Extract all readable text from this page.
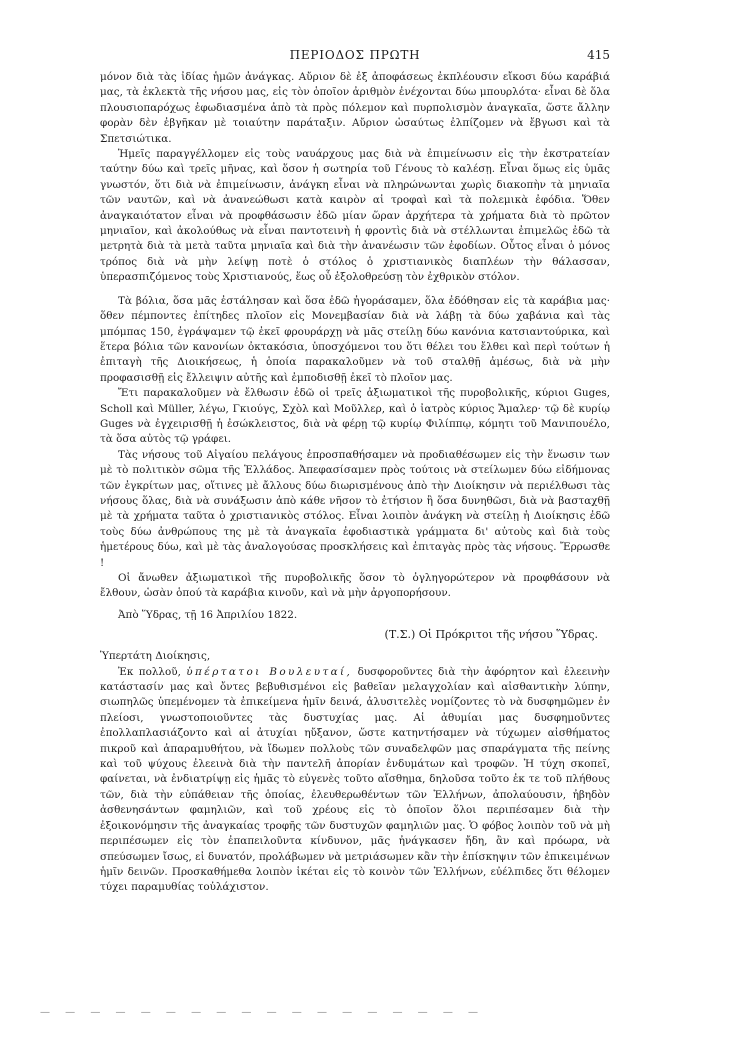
ΠΕΡΙΟΔΟΣ ΠΡΩΤΗ	415

μόνον διὰ τὰς ἰδίας ἡμῶν ἀνάγκας. Αὔριον δὲ ἐξ ἀποφάσεως ἐκπλέουσιν εἴκοσι δύω καράβιά μας, τὰ ἐκλεκτὰ τῆς νήσου μας, εἰς τὸν ὁποῖον ἀριθμὸν ἐνέχονται δύω μπουρλότα· εἶναι δὲ ὅλα πλουσιοπαρόχως ἐφωδιασμένα ἀπὸ τὰ πρὸς πόλεμον καὶ πυρπολισμὸν ἀναγκαῖα, ὥστε ἄλλην φορὰν δὲν ἐβγῆκαν μὲ τοιαύτην παράταξιν. Αὔριον ὡσαύτως ἐλπίζομεν νὰ ἔβγωσι καὶ τὰ Σπετσιώτικα.

Ἡμεῖς παραγγέλλομεν εἰς τοὺς ναυάρχους μας διὰ νὰ ἐπιμείνωσιν εἰς τὴν ἐκστρατείαν ταύτην δύω καὶ τρεῖς μῆνας, καὶ ὅσον ἡ σωτηρία τοῦ Γένους τὸ καλέσῃ. Εἶναι ὅμως εἰς ὑμᾶς γνωστόν, ὅτι διὰ νὰ ἐπιμείνωσιν, ἀνάγκη εἶναι νὰ πληρώνωνται χωρὶς διακοπὴν τὰ μηνιαῖα τῶν ναυτῶν, καὶ νὰ ἀνανεώθωσι κατὰ καιρὸν αἱ τροφαὶ καὶ τὰ πολεμικὰ ἐφόδια. Ὅθεν ἀναγκαιότατον εἶναι νὰ προφθάσωσιν ἐδῶ μίαν ὥραν ἀρχήτερα τὰ χρήματα διὰ τὸ πρῶτον μηνιαῖον, καὶ ἀκολούθως νὰ εἶναι παντοτεινὴ ἡ φροντὶς διὰ νὰ στέλλωνται ἐπιμελῶς ἐδῶ τὰ μετρητὰ διὰ τὰ μετὰ ταῦτα μηνιαῖα καὶ διὰ τὴν ἀνανέωσιν τῶν ἐφοδίων. Οὗτος εἶναι ὁ μόνος τρόπος διὰ νὰ μὴν λείψῃ ποτὲ ὁ στόλος ὁ χριστιανικὸς διαπλέων τὴν θάλασσαν, ὑπερασπιζόμενος τοὺς Χριστιανούς, ἕως οὗ ἐξολοθρεύσῃ τὸν ἐχθρικὸν στόλον.

Τὰ βόλια, ὅσα μᾶς ἐστάλησαν καὶ ὅσα ἐδῶ ἠγοράσαμεν, ὅλα ἐδόθησαν εἰς τὰ καράβια μας· ὅθεν πέμποντες ἐπίτηδες πλοῖον εἰς Μονεμβασίαν διὰ νὰ λάβῃ τὰ δύω χαβάνια καὶ τὰς μπόμπας 150, ἐγράψαμεν τῷ ἐκεῖ φρουράρχῃ νὰ μᾶς στείλῃ δύω κανόνια κατσιαντούρικα, καὶ ἕτερα βόλια τῶν κανονίων ὀκτακόσια, ὑποσχόμενοι του ὅτι θέλει του ἔλθει καὶ περὶ τούτων ἡ ἐπιταγὴ τῆς Διοικήσεως, ἡ ὁποία παρακαλοῦμεν νὰ τοῦ σταλθῇ ἀμέσως, διὰ νὰ μὴν προφασισθῇ εἰς ἔλλειψιν αὐτῆς καὶ ἐμποδισθῇ ἐκεῖ τὸ πλοῖον μας.

Ἔτι παρακαλοῦμεν νὰ ἔλθωσιν ἐδῶ οἱ τρεῖς ἀξιωματικοὶ τῆς πυροβολικῆς, κύριοι Guges, Scholl καὶ Müller, λέγω, Γκιούγς, Σχὸλ καὶ Μοῦλλερ, καὶ ὁ ἰατρὸς κύριος Ἄμαλερ· τῷ δὲ κυρίῳ Guges νὰ ἐγχειρισθῇ ἡ ἐσώκλειστος, διὰ νὰ φέρῃ τῷ κυρίῳ Φιλίππῳ, κόμητι τοῦ Μανιπουέλο, τὰ ὅσα αὐτὸς τῷ γράφει.

Τὰς νήσους τοῦ Αἰγαίου πελάγους ἐπροσπαθήσαμεν νὰ προδιαθέσωμεν εἰς τὴν ἕνωσιν των μὲ τὸ πολιτικὸν σῶμα τῆς Ἑλλάδος. Ἀπεφασίσαμεν πρὸς τούτοις νὰ στείλωμεν δύω εἰδήμονας τῶν ἐγκρίτων μας, οἵτινες μὲ ἄλλους δύω διωρισμένους ἀπὸ τὴν Διοίκησιν νὰ περιέλθωσι τὰς νήσους ὅλας, διὰ νὰ συνάξωσιν ἀπὸ κάθε νῆσον τὸ ἐτήσιον ἢ ὅσα δυνηθῶσι, διὰ νὰ βασταχθῇ μὲ τὰ χρήματα ταῦτα ὁ χριστιανικὸς στόλος. Εἶναι λοιπὸν ἀνάγκη νὰ στείλῃ ἡ Διοίκησις ἐδῶ τοὺς δύω ἀνθρώπους της μὲ τὰ ἀναγκαῖα ἐφοδιαστικὰ γράμματα δι' αὐτοὺς καὶ διὰ τοὺς ἡμετέρους δύω, καὶ μὲ τὰς ἀναλογούσας προσκλήσεις καὶ ἐπιταγὰς πρὸς τὰς νήσους. Ἔρρωσθε !

Οἱ ἄνωθεν ἀξιωματικοὶ τῆς πυροβολικῆς ὅσον τὸ ὀγληγορώτερον νὰ προφθάσουν νὰ ἔλθουν, ὡσὰν ὁπού τὰ καράβια κινοῦν, καὶ νὰ μὴν ἀργοπορήσουν.

Ἀπὸ Ὕδρας, τῇ 16 Ἀπριλίου 1822.
(Τ.Σ.) Οἱ Πρόκριτοι τῆς νήσου Ὕδρας.

Ὑπερτάτη Διοίκησις,

Ἐκ πολλοῦ, ὑπέρτατοι Βουλευταί, δυσφοροῦντες διὰ τὴν ἀφόρητον καὶ ἐλεεινὴν κατάστασίν μας καὶ ὄντες βεβυθισμένοι εἰς βαθεῖαν μελαγχολίαν καὶ αἰσθαντικὴν λύπην, σιωπηλῶς ὑπεμένομεν τὰ ἐπικείμενα ἡμῖν δεινά, ἀλυσιτελὲς νομίζοντες τὸ νὰ δυσφημῶμεν ἐν πλείοσι, γνωστοποιοῦντες τὰς δυστυχίας μας. Αἱ ἀθυμίαι μας δυσφημοῦντες ἐπολλαπλασιάζοντο καὶ αἱ ἀτυχίαι ηὔξανον, ὥστε κατηντήσαμεν νὰ τύχωμεν αἰσθήματος πικροῦ καὶ ἀπαραμυθήτου, νὰ ἴδωμεν πολλοὺς τῶν συναδελφῶν μας σπαράγματα τῆς πείνης καὶ τοῦ ψύχους ἐλεεινὰ διὰ τὴν παντελῆ ἀπορίαν ἐνδυμάτων καὶ τροφῶν. Ἡ τύχη σκοπεῖ, φαίνεται, νὰ ἐνδιατρίψῃ εἰς ἡμᾶς τὸ εὐγενὲς τοῦτο αἴσθημα, δηλοῦσα τοῦτο ἐκ τε τοῦ πλήθους τῶν, διὰ τὴν εὐπάθειαν τῆς ὁποίας, ἐλευθερωθέντων τῶν Ἑλλήνων, ἀπολαύουσιν, ἠβηδὸν ἀσθενησάντων φαμηλιῶν, καὶ τοῦ χρέους εἰς τὸ ὁποῖον ὅλοι περιπέσαμεν διὰ τὴν ἐξοικονόμησιν τῆς ἀναγκαίας τροφῆς τῶν δυστυχῶν φαμηλιῶν μας. Ὁ φόβος λοιπὸν τοῦ νὰ μὴ περιπέσωμεν εἰς τὸν ἐπαπειλοῦντα κίνδυνον, μᾶς ἠνάγκασεν ἤδη, ἂν καὶ πρόωρα, νὰ σπεύσωμεν ἴσως, εἰ δυνατόν, προλάβωμεν νὰ μετριάσωμεν κἂν τὴν ἐπίσκηψιν τῶν ἐπικειμένων ἡμῖν δεινῶν. Προσκαθήμεθα λοιπὸν ἱκέται εἰς τὸ κοινὸν τῶν Ἑλλήνων, εὐέλπιδες ὅτι θέλομεν τύχει παραμυθίας τοὐλάχιστον.

— — — — — — — — — — — — — — — — — —
